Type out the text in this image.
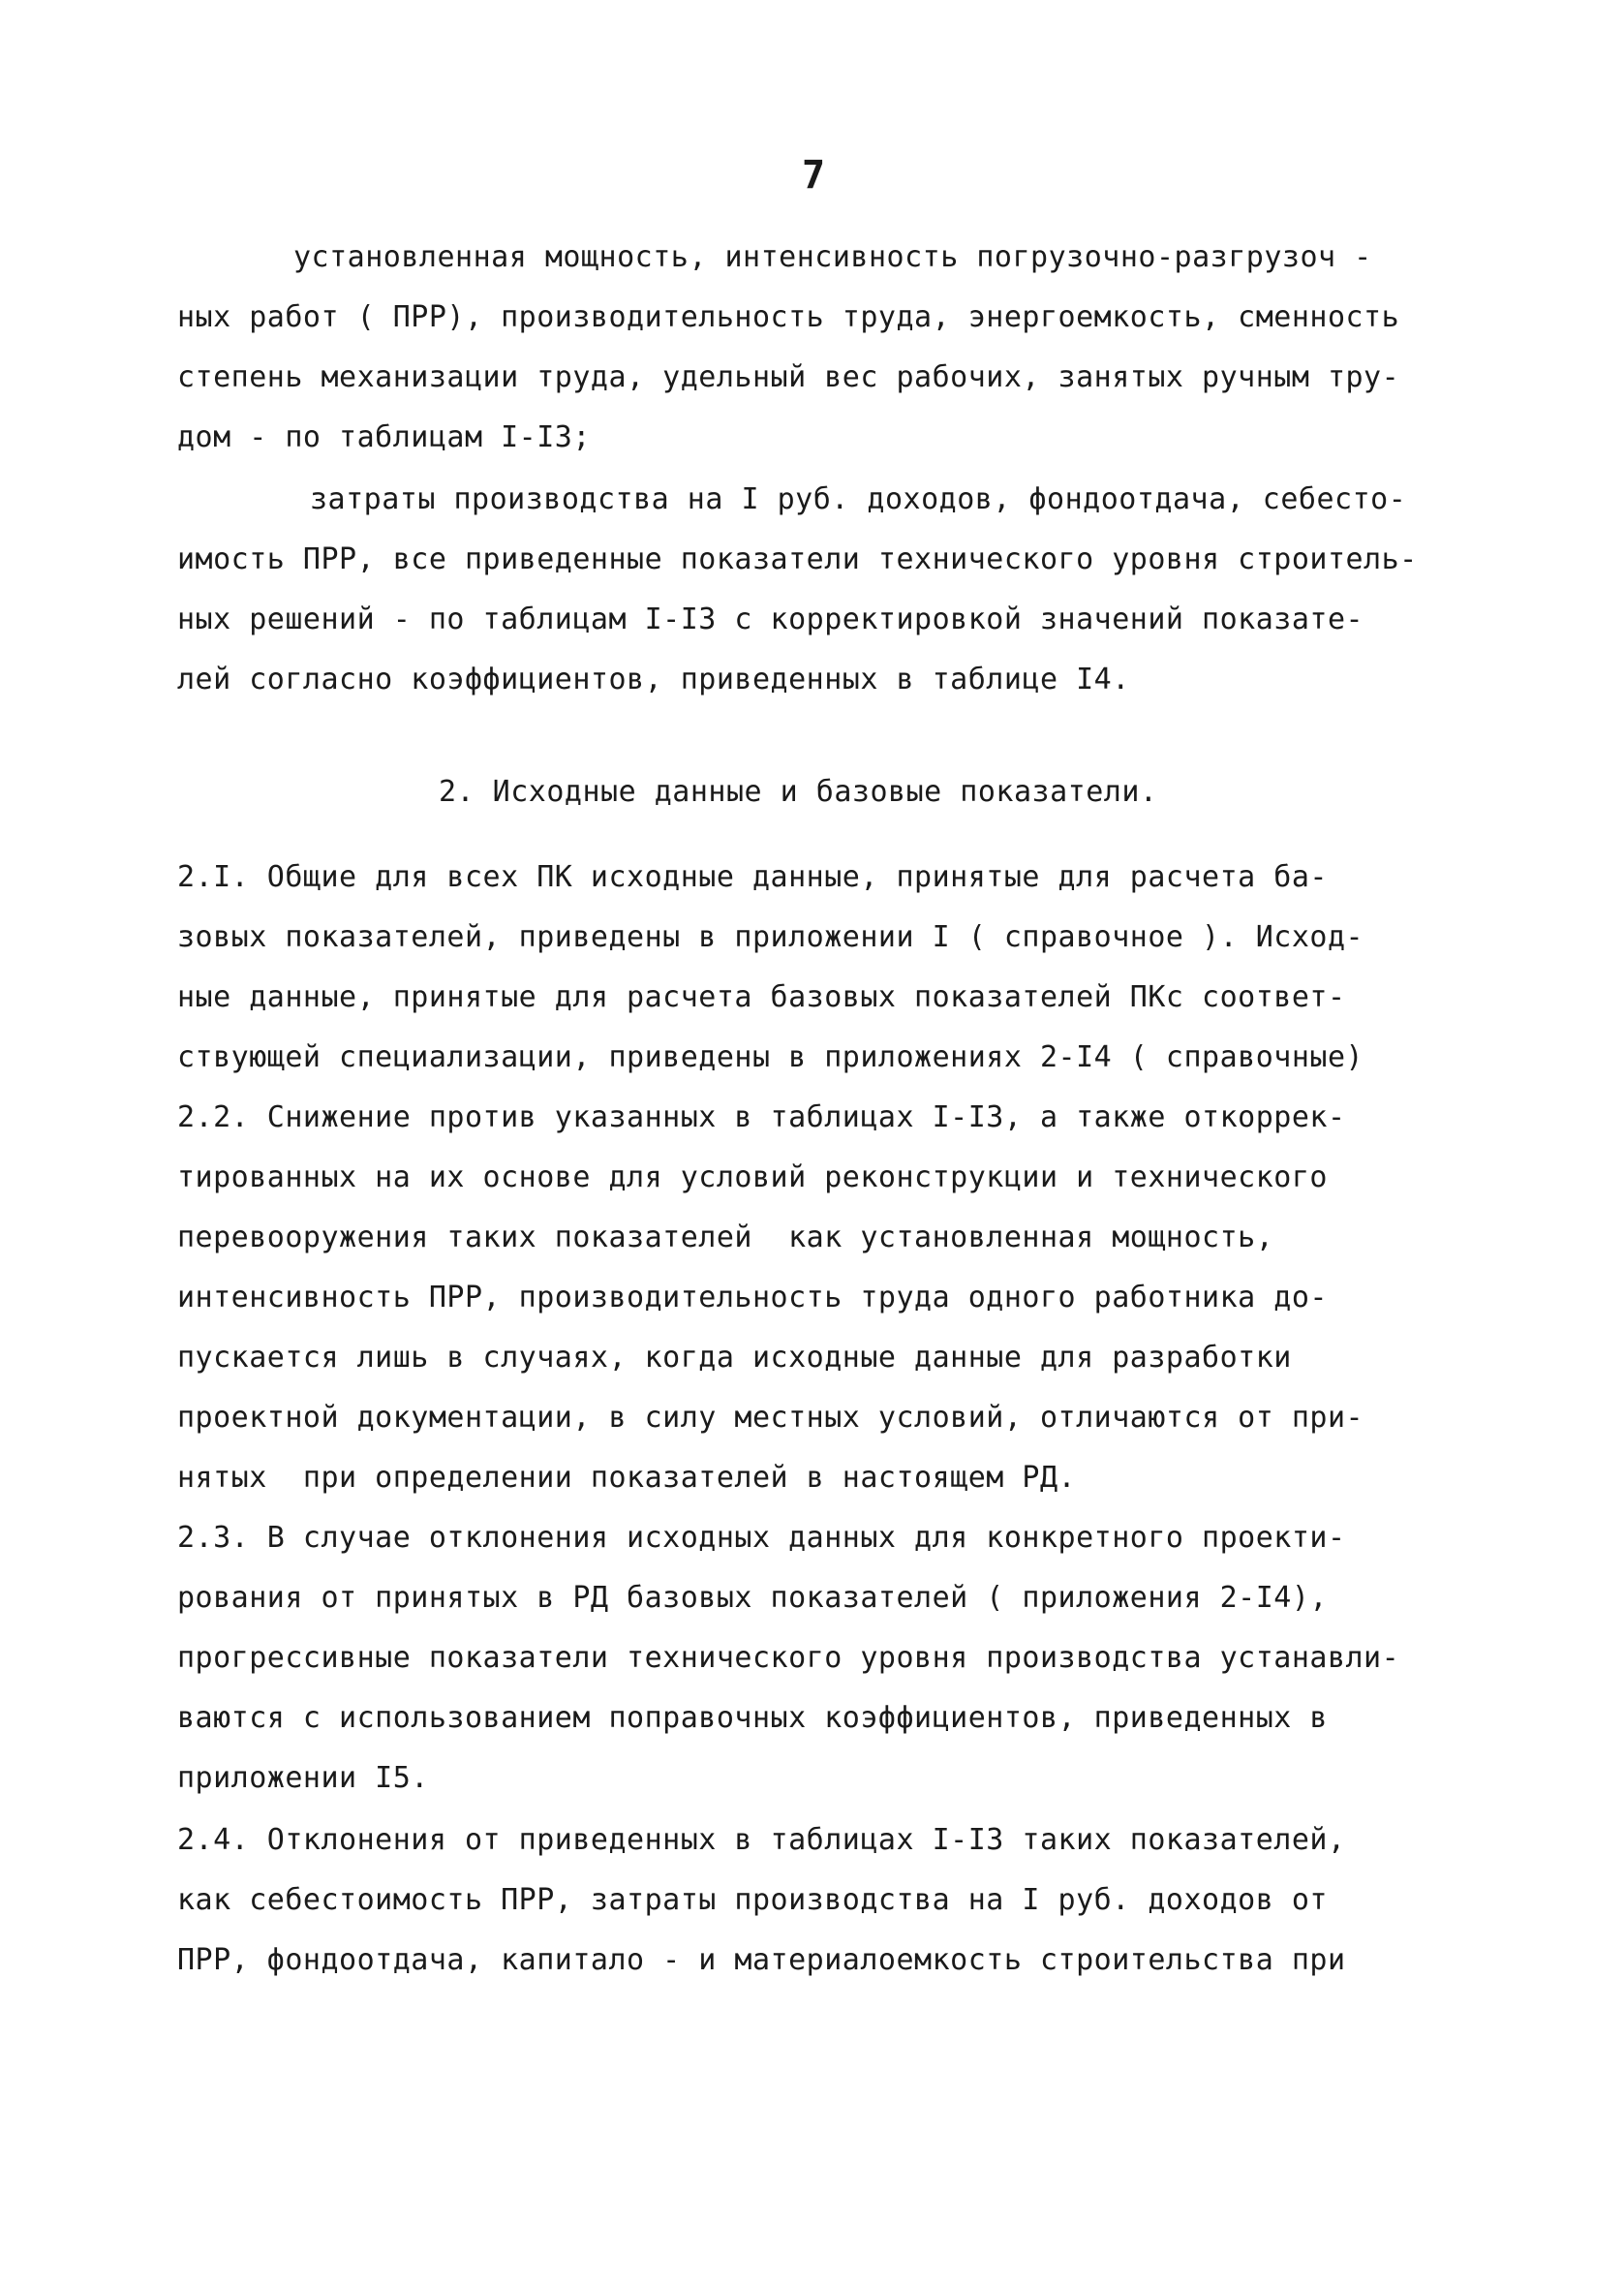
7
установленная мощность, интенсивность погрузочно-разгрузоч -
ных работ ( ПРР), производительность труда, энергоемкость, сменность
степень механизации труда, удельный вес рабочих, занятых ручным тру-
дом - по таблицам I-I3;
затраты производства на I руб. доходов, фондоотдача, себесто-
имость ПРР, все приведенные показатели технического уровня строитель-
ных решений - по таблицам I-I3 с корректировкой значений показате-
лей согласно коэффициентов, приведенных в таблице I4.
2. Исходные данные и базовые показатели.
2.I. Общие для всех ПК исходные данные, принятые для расчета ба-
зовых показателей, приведены в приложении I ( справочное ). Исход-
ные данные, принятые для расчета базовых показателей ПКс соответ-
ствующей специализации, приведены в приложениях 2-I4 ( справочные)
2.2. Снижение против указанных в таблицах I-I3, а также откоррек-
тированных на их основе для условий реконструкции и технического
перевооружения таких показателей  как установленная мощность,
интенсивность ПРР, производительность труда одного работника до-
пускается лишь в случаях, когда исходные данные для разработки
проектной документации, в силу местных условий, отличаются от при-
нятых  при определении показателей в настоящем РД.
2.3. В случае отклонения исходных данных для конкретного проекти-
рования от принятых в РД базовых показателей ( приложения 2-I4),
прогрессивные показатели технического уровня производства устанавли-
ваются с использованием поправочных коэффициентов, приведенных в
приложении I5.
2.4. Отклонения от приведенных в таблицах I-I3 таких показателей,
как себестоимость ПРР, затраты производства на I руб. доходов от
ПРР, фондоотдача, капитало - и материалоемкость строительства при
